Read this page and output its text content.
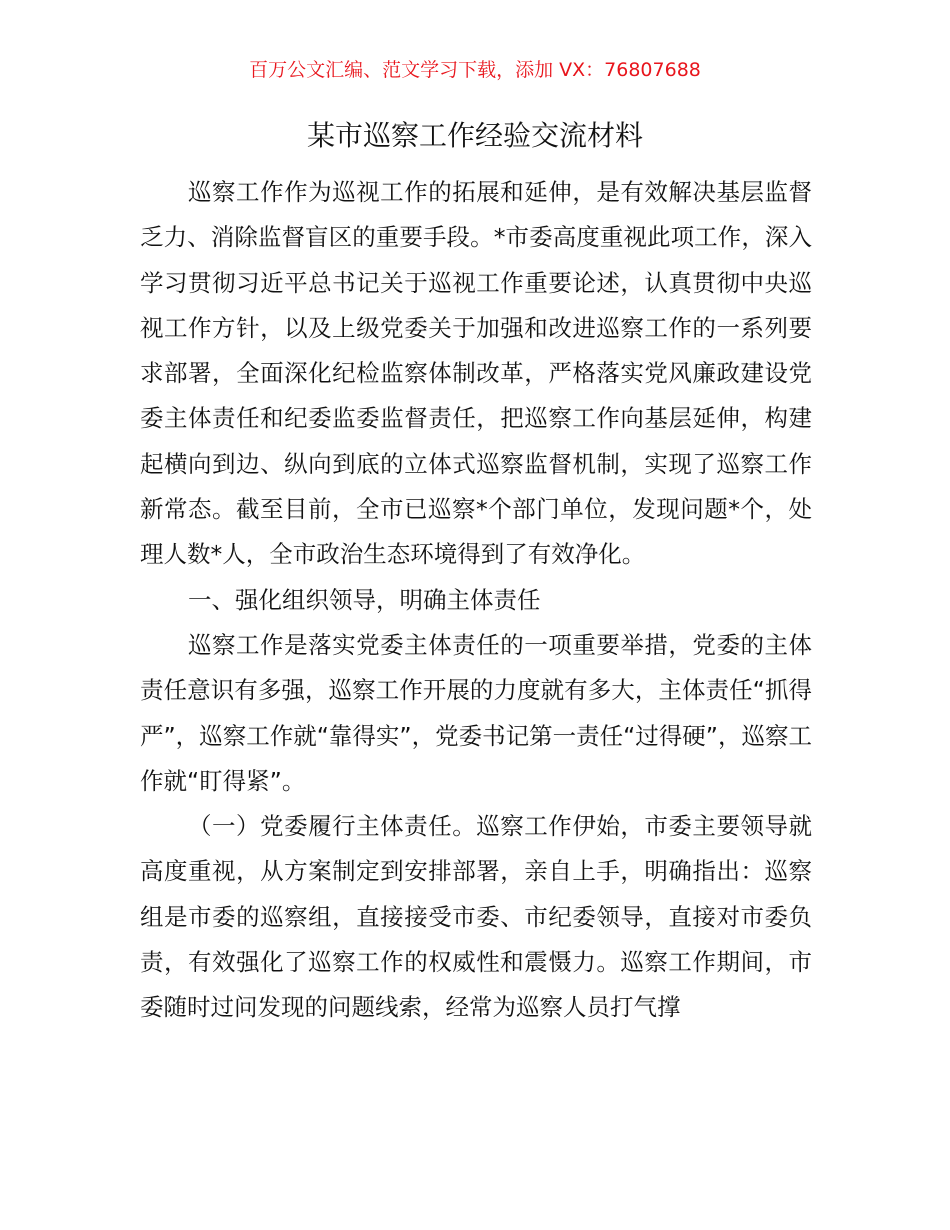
百万公文汇编、范文学习下载，添加 VX：76807688
某市巡察工作经验交流材料

巡察工作作为巡视工作的拓展和延伸，是有效解决基层监督乏力、消除监督盲区的重要手段。*市委高度重视此项工作，深入学习贯彻习近平总书记关于巡视工作重要论述，认真贯彻中央巡视工作方针，以及上级党委关于加强和改进巡察工作的一系列要求部署，全面深化纪检监察体制改革，严格落实党风廉政建设党委主体责任和纪委监委监督责任，把巡察工作向基层延伸，构建起横向到边、纵向到底的立体式巡察监督机制，实现了巡察工作新常态。截至目前，全市已巡察*个部门单位，发现问题*个，处理人数*人，全市政治生态环境得到了有效净化。

一、强化组织领导，明确主体责任

巡察工作是落实党委主体责任的一项重要举措，党委的主体责任意识有多强，巡察工作开展的力度就有多大，主体责任“抓得严”，巡察工作就“靠得实”，党委书记第一责任“过得硬”，巡察工作就“盯得紧”。

（一）党委履行主体责任。巡察工作伊始，市委主要领导就高度重视，从方案制定到安排部署，亲自上手，明确指出：巡察组是市委的巡察组，直接接受市委、市纪委领导，直接对市委负责，有效强化了巡察工作的权威性和震慑力。巡察工作期间，市委随时过问发现的问题线索，经常为巡察人员打气撑
